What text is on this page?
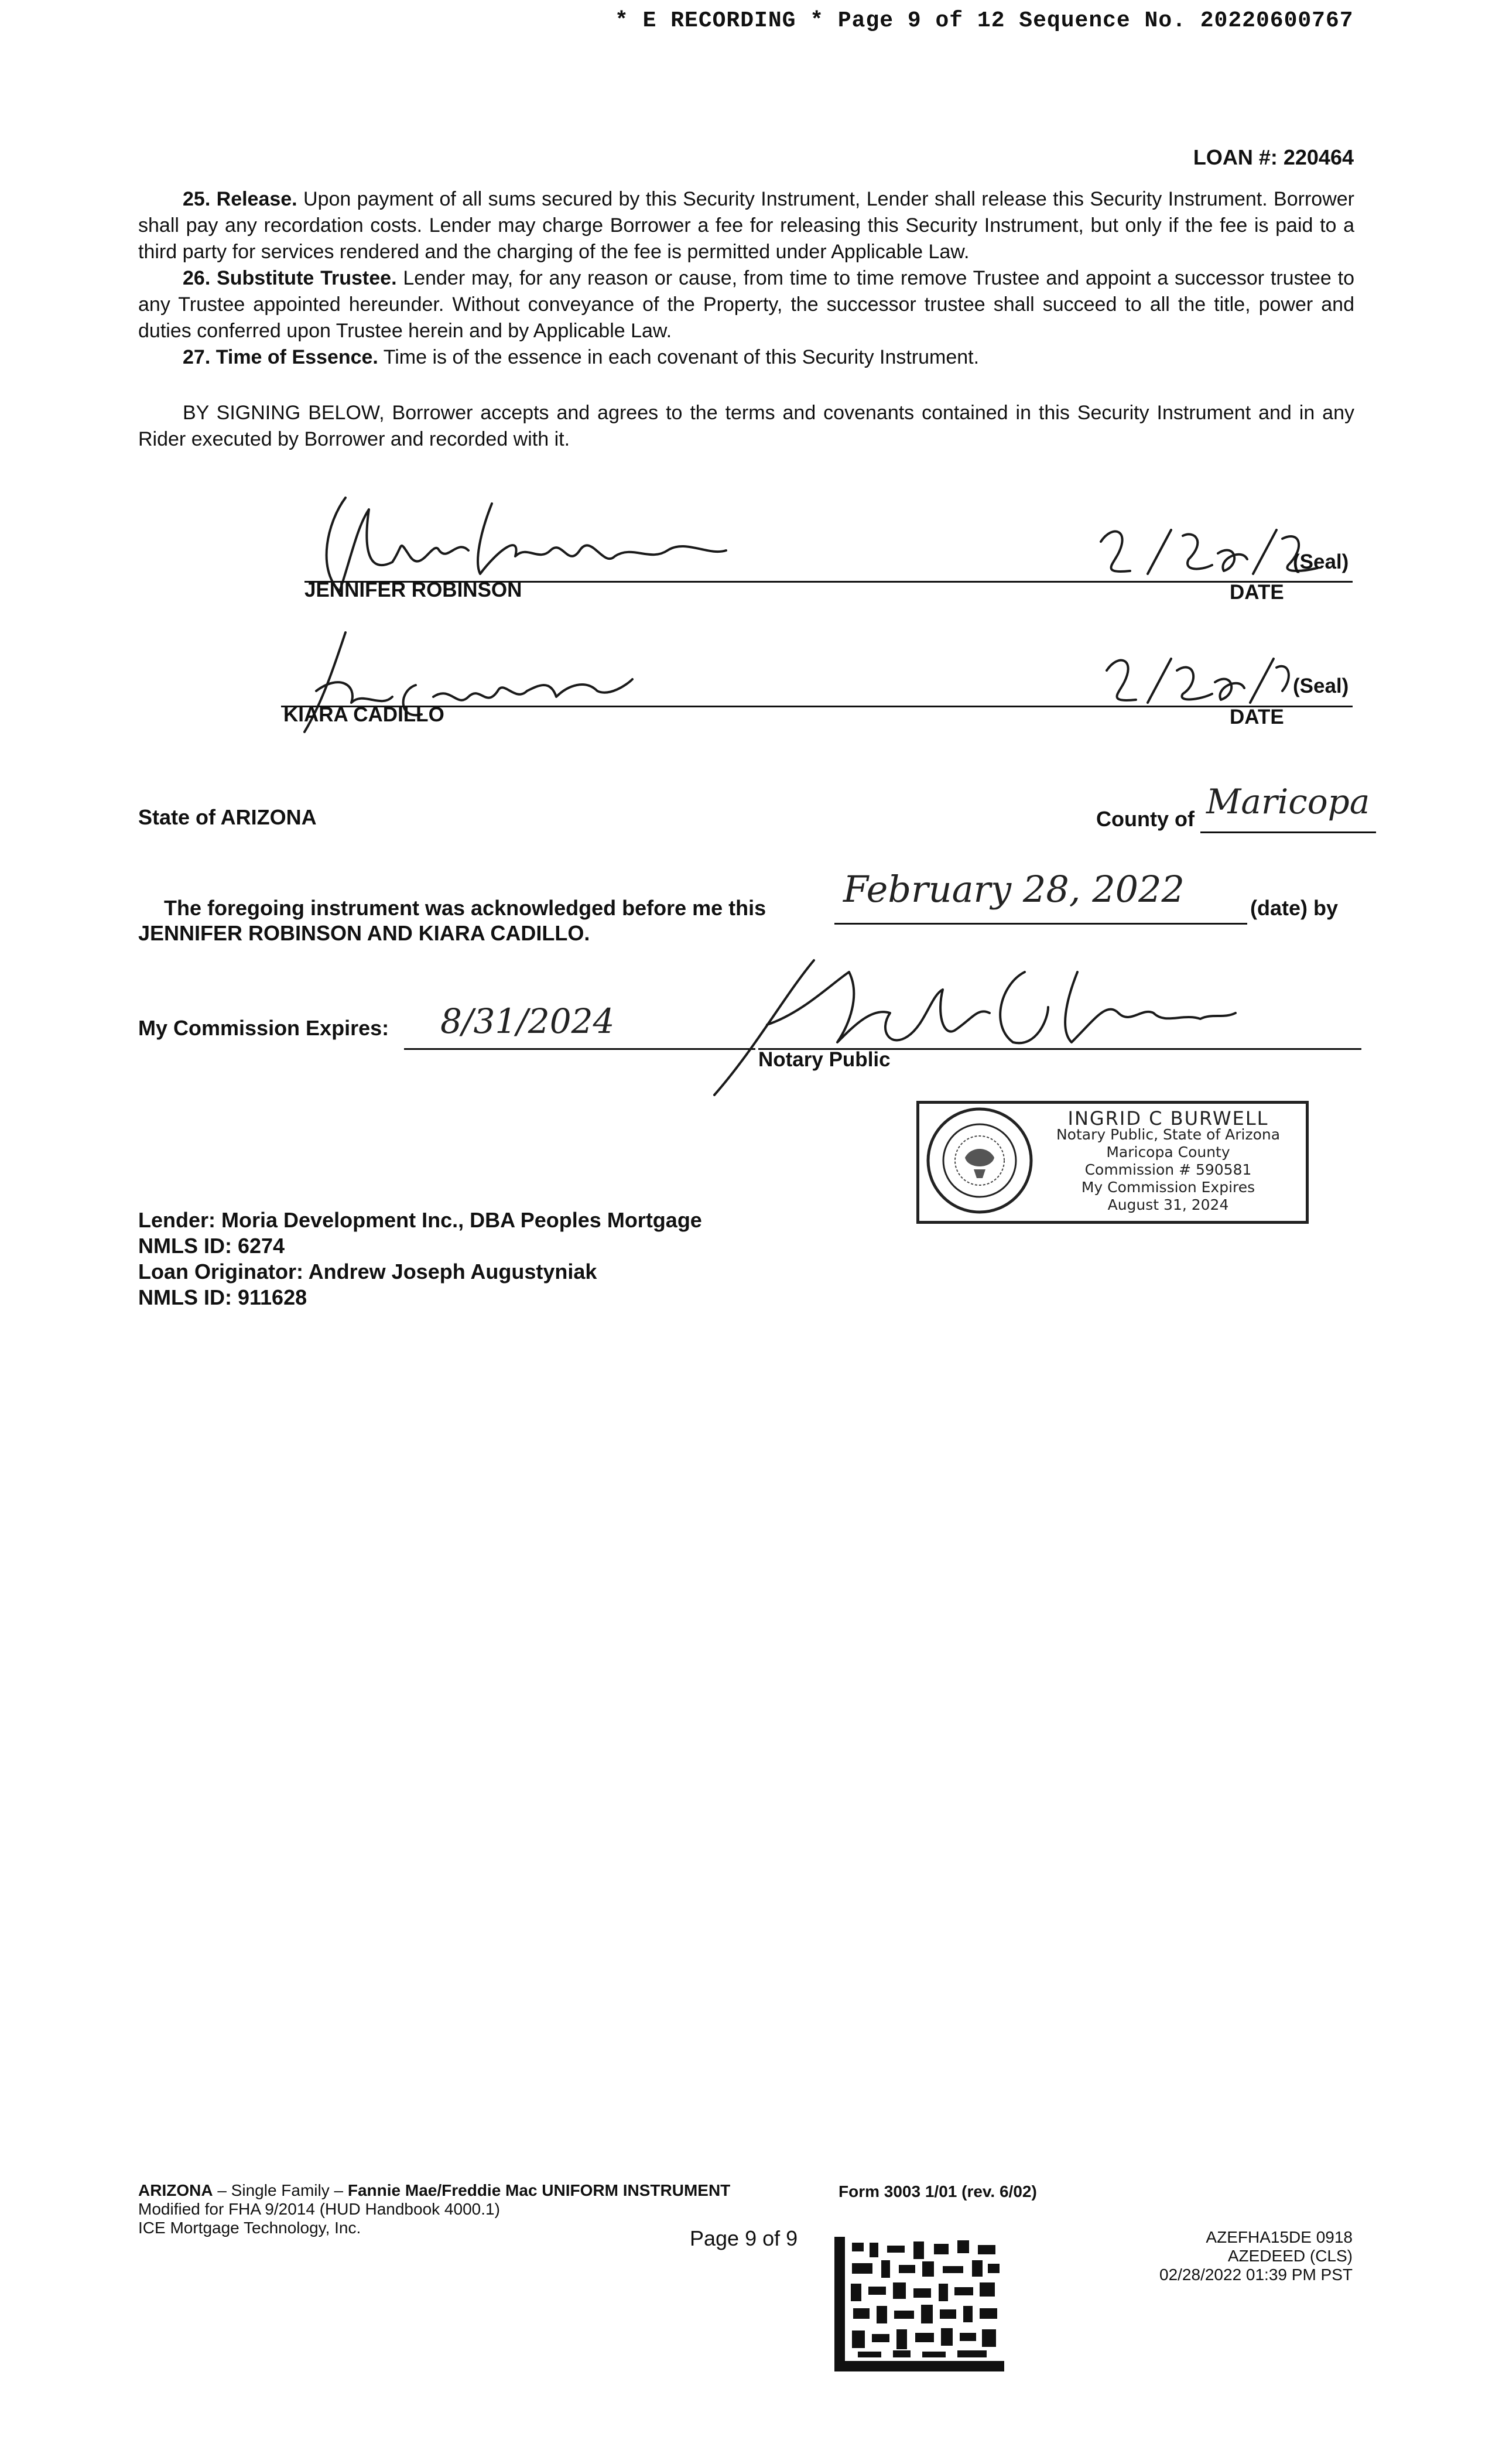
* E RECORDING * Page 9 of 12 Sequence No. 20220600767
LOAN #: 220464
25. Release. Upon payment of all sums secured by this Security Instrument, Lender shall release this Security Instrument. Borrower shall pay any recordation costs. Lender may charge Borrower a fee for releasing this Security Instrument, but only if the fee is paid to a third party for services rendered and the charging of the fee is permitted under Applicable Law.
26. Substitute Trustee. Lender may, for any reason or cause, from time to time remove Trustee and appoint a successor trustee to any Trustee appointed hereunder. Without conveyance of the Property, the successor trustee shall succeed to all the title, power and duties conferred upon Trustee herein and by Applicable Law.
27. Time of Essence. Time is of the essence in each covenant of this Security Instrument.
BY SIGNING BELOW, Borrower accepts and agrees to the terms and covenants contained in this Security Instrument and in any Rider executed by Borrower and recorded with it.
JENNIFER ROBINSON
(Seal)
DATE
KIARA CADILLO
(Seal)
DATE
State of ARIZONA	County of Maricopa
The foregoing instrument was acknowledged before me this February 28, 2022	(date) by
JENNIFER ROBINSON AND KIARA CADILLO.
My Commission Expires: 8/31/2024
Notary Public
INGRID C BURWELL
Notary Public, State of Arizona
Maricopa County
Commission # 590581
My Commission Expires
August 31, 2024
Lender: Moria Development Inc., DBA Peoples Mortgage
NMLS ID: 6274
Loan Originator: Andrew Joseph Augustyniak
NMLS ID: 911628
ARIZONA – Single Family – Fannie Mae/Freddie Mac UNIFORM INSTRUMENT
Modified for FHA 9/2014 (HUD Handbook 4000.1)
ICE Mortgage Technology, Inc.
Form 3003 1/01 (rev. 6/02)
Page 9 of 9	AZEFHA15DE 0918
AZEDEED (CLS)
02/28/2022 01:39 PM PST
